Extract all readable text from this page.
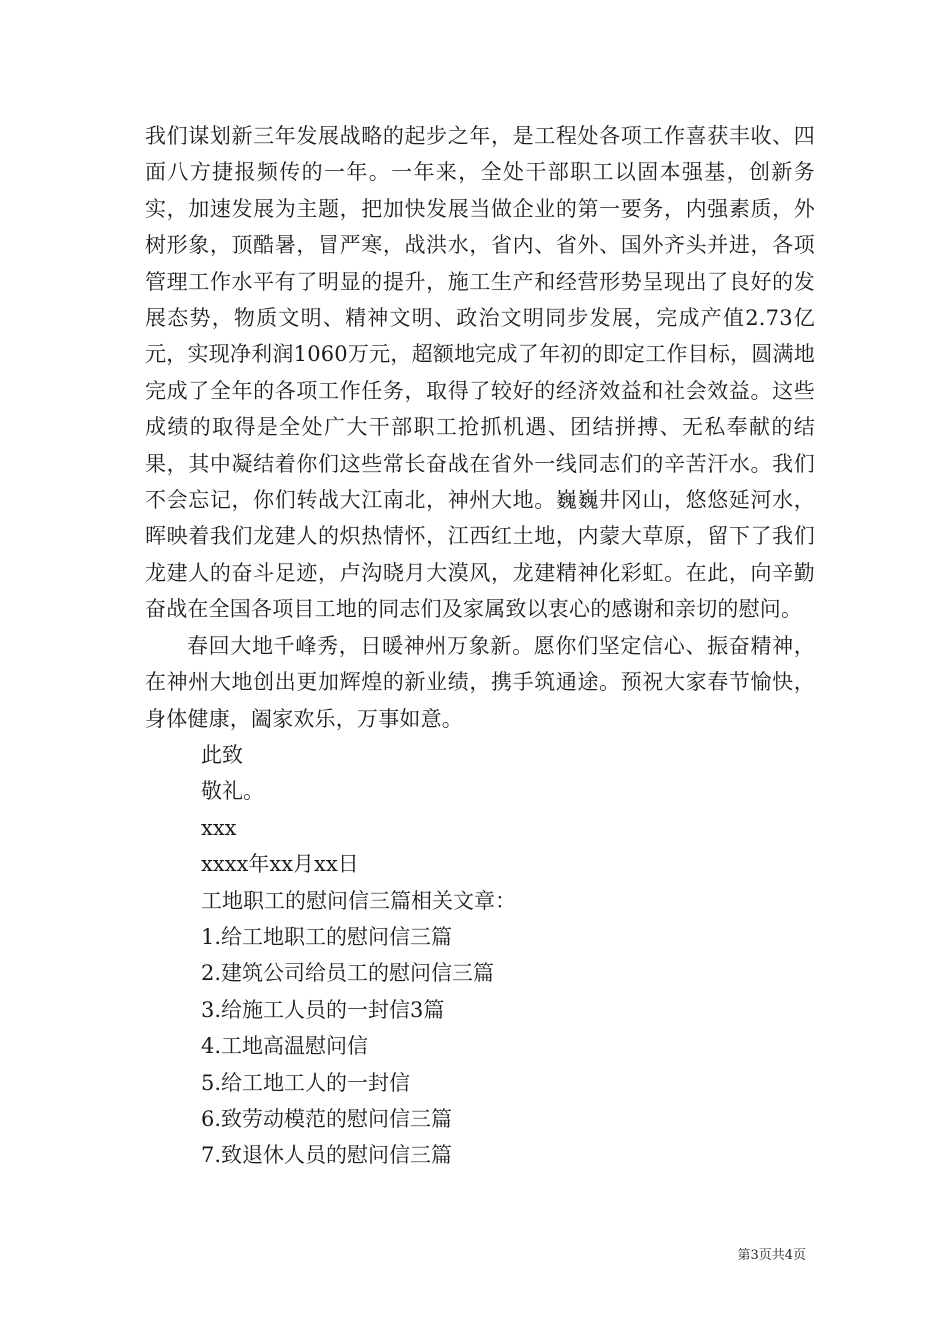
我们谋划新三年发展战略的起步之年，是工程处各项工作喜获丰收、四面八方捷报频传的一年。一年来，全处干部职工以固本强基，创新务实，加速发展为主题，把加快发展当做企业的第一要务，内强素质，外树形象，顶酷暑，冒严寒，战洪水，省内、省外、国外齐头并进，各项管理工作水平有了明显的提升，施工生产和经营形势呈现出了良好的发展态势，物质文明、精神文明、政治文明同步发展，完成产值2.73亿元，实现净利润1060万元，超额地完成了年初的即定工作目标，圆满地完成了全年的各项工作任务，取得了较好的经济效益和社会效益。这些成绩的取得是全处广大干部职工抢抓机遇、团结拼搏、无私奉献的结果，其中凝结着你们这些常长奋战在省外一线同志们的辛苦汗水。我们不会忘记，你们转战大江南北，神州大地。巍巍井冈山，悠悠延河水，晖映着我们龙建人的炽热情怀，江西红土地，内蒙大草原，留下了我们龙建人的奋斗足迹，卢沟晓月大漠风，龙建精神化彩虹。在此，向辛勤奋战在全国各项目工地的同志们及家属致以衷心的感谢和亲切的慰问。

春回大地千峰秀，日暖神州万象新。愿你们坚定信心、振奋精神，在神州大地创出更加辉煌的新业绩，携手筑通途。预祝大家春节愉快，身体健康，阖家欢乐，万事如意。

此致

敬礼。

xxx

xxxx年xx月xx日

工地职工的慰问信三篇相关文章：

1.给工地职工的慰问信三篇
2.建筑公司给员工的慰问信三篇
3.给施工人员的一封信3篇
4.工地高温慰问信
5.给工地工人的一封信
6.致劳动模范的慰问信三篇
7.致退休人员的慰问信三篇
第3页共4页
